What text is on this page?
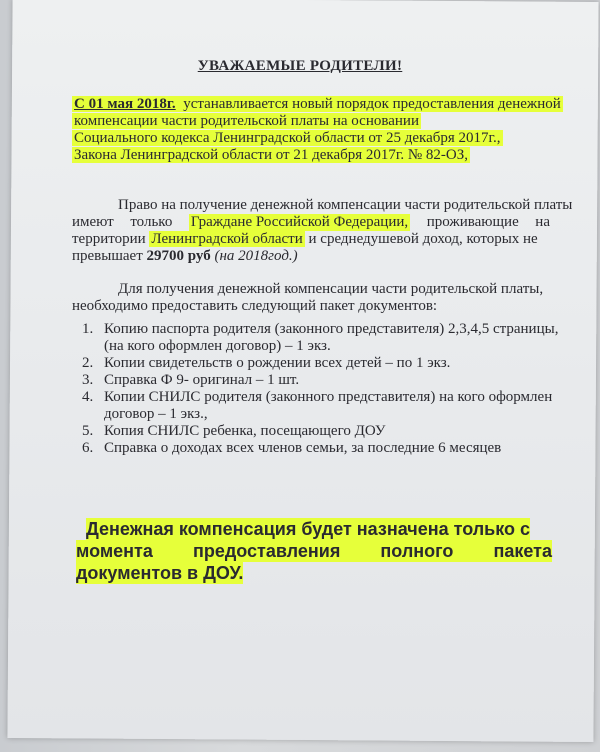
УВАЖАЕМЫЕ РОДИТЕЛИ!
С 01 мая 2018г. устанавливается новый порядок предоставления денежной
компенсации части родительской платы на основании
Социального кодекса Ленинградской области от 25 декабря 2017г.,
Закона Ленинградской области от 21 декабря 2017г. № 82-ОЗ,
Право на получение денежной компенсации части родительской платы
имеют только Граждане Российской Федерации, проживающие на
территории Ленинградской области и среднедушевой доход, которых не
превышает 29700 руб (на 2018год.)
Для получения денежной компенсации части родительской платы,
необходимо предоставить следующий пакет документов:
1. Копию паспорта родителя (законного представителя) 2,3,4,5 страницы,
(на кого оформлен договор) – 1 экз.
2. Копии свидетельств о рождении всех детей – по 1 экз.
3. Справка Ф 9- оригинал – 1 шт.
4. Копии СНИЛС родителя (законного представителя) на кого оформлен
договор – 1 экз.,
5. Копия СНИЛС ребенка, посещающего ДОУ
6. Справка о доходах всех членов семьи, за последние 6 месяцев
Денежная компенсация будет назначена только с
момента предоставления полного пакета
документов в ДОУ.
